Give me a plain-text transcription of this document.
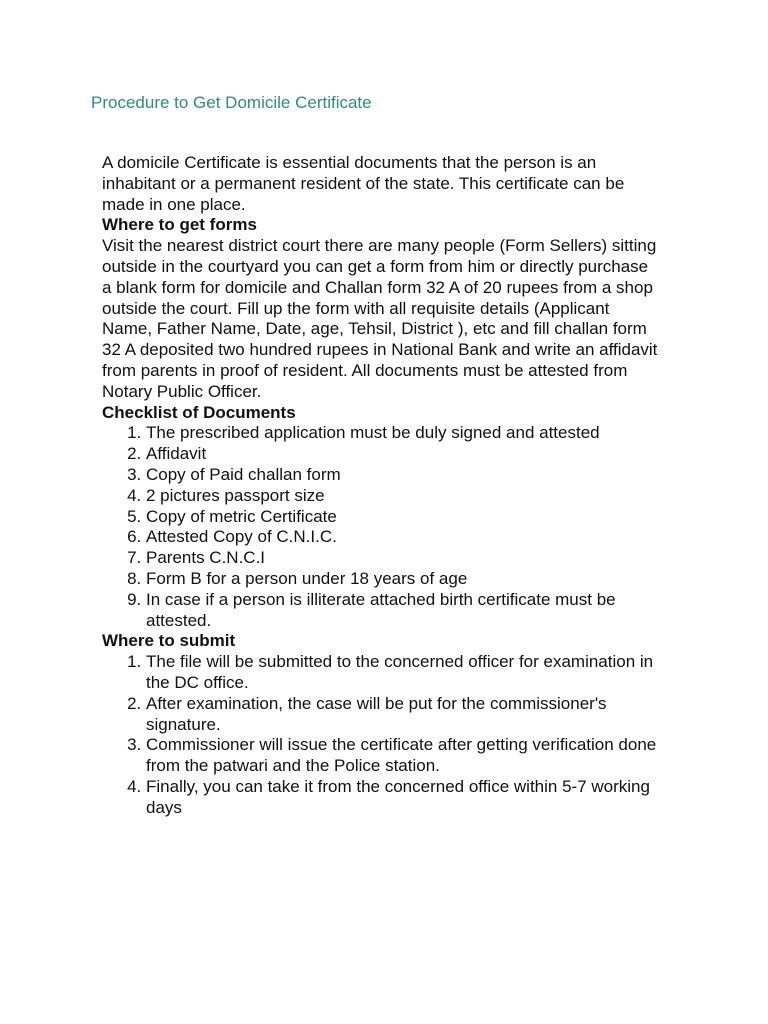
Procedure to Get Domicile Certificate

A domicile Certificate is essential documents that the person is an inhabitant or a permanent resident of the state. This certificate can be made in one place.

Where to get forms

Visit the nearest district court there are many people (Form Sellers) sitting outside in the courtyard you can get a form from him or directly purchase a blank form for domicile and Challan form 32 A of 20 rupees from a shop outside the court. Fill up the form with all requisite details (Applicant Name, Father Name, Date, age, Tehsil, District ), etc and fill challan form 32 A deposited two hundred rupees in National Bank and write an affidavit from parents in proof of resident. All documents must be attested from Notary Public Officer.

Checklist of Documents
1. The prescribed application must be duly signed and attested
2. Affidavit
3. Copy of Paid challan form
4. 2 pictures passport size
5. Copy of metric Certificate
6. Attested Copy of C.N.I.C.
7. Parents C.N.C.I
8. Form B for a person under 18 years of age
9. In case if a person is illiterate attached birth certificate must be attested.
Where to submit
1. The file will be submitted to the concerned officer for examination in the DC office.
2. After examination, the case will be put for the commissioner's signature.
3. Commissioner will issue the certificate after getting verification done from the patwari and the Police station.
4. Finally, you can take it from the concerned office within 5-7 working days
